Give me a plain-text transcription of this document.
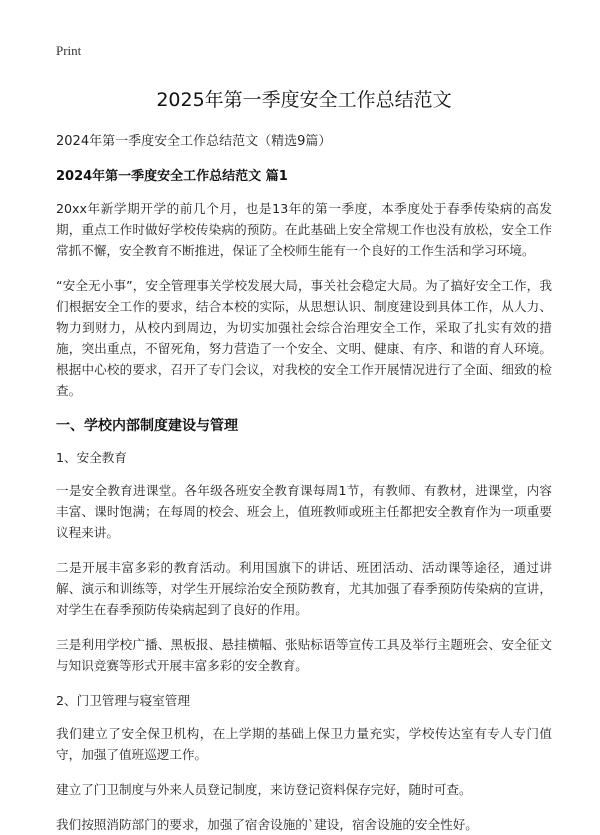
Print
2025年第一季度安全工作总结范文

2024年第一季度安全工作总结范文（精选9篇）

2024年第一季度安全工作总结范文 篇1

20xx年新学期开学的前几个月，也是13年的第一季度，本季度处于春季传染病的高发期，重点工作时做好学校传染病的预防。在此基础上安全常规工作也没有放松，安全工作常抓不懈，安全教育不断推进，保证了全校师生能有一个良好的工作生活和学习环境。

“安全无小事”，安全管理事关学校发展大局，事关社会稳定大局。为了搞好安全工作，我们根据安全工作的要求，结合本校的实际，从思想认识、制度建设到具体工作，从人力、物力到财力，从校内到周边，为切实加强社会综合治理安全工作，采取了扎实有效的措施，突出重点，不留死角，努力营造了一个安全、文明、健康、有序、和谐的育人环境。根据中心校的要求，召开了专门会议，对我校的安全工作开展情况进行了全面、细致的检查。

一、学校内部制度建设与管理

1、安全教育

一是安全教育进课堂。各年级各班安全教育课每周1节，有教师、有教材，进课堂，内容丰富、课时饱满；在每周的校会、班会上，值班教师或班主任都把安全教育作为一项重要议程来讲。

二是开展丰富多彩的教育活动。利用国旗下的讲话、班团活动、活动课等途径，通过讲解、演示和训练等，对学生开展综治安全预防教育，尤其加强了春季预防传染病的宣讲，对学生在春季预防传染病起到了良好的作用。

三是利用学校广播、黑板报、悬挂横幅、张贴标语等宣传工具及举行主题班会、安全征文与知识竞赛等形式开展丰富多彩的安全教育。

2、门卫管理与寝室管理

我们建立了安全保卫机构，在上学期的基础上保卫力量充实，学校传达室有专人专门值守，加强了值班巡逻工作。

建立了门卫制度与外来人员登记制度，来访登记资料保存完好，随时可查。

我们按照消防部门的要求，加强了宿舍设施的`建设，宿舍设施的安全性好。
